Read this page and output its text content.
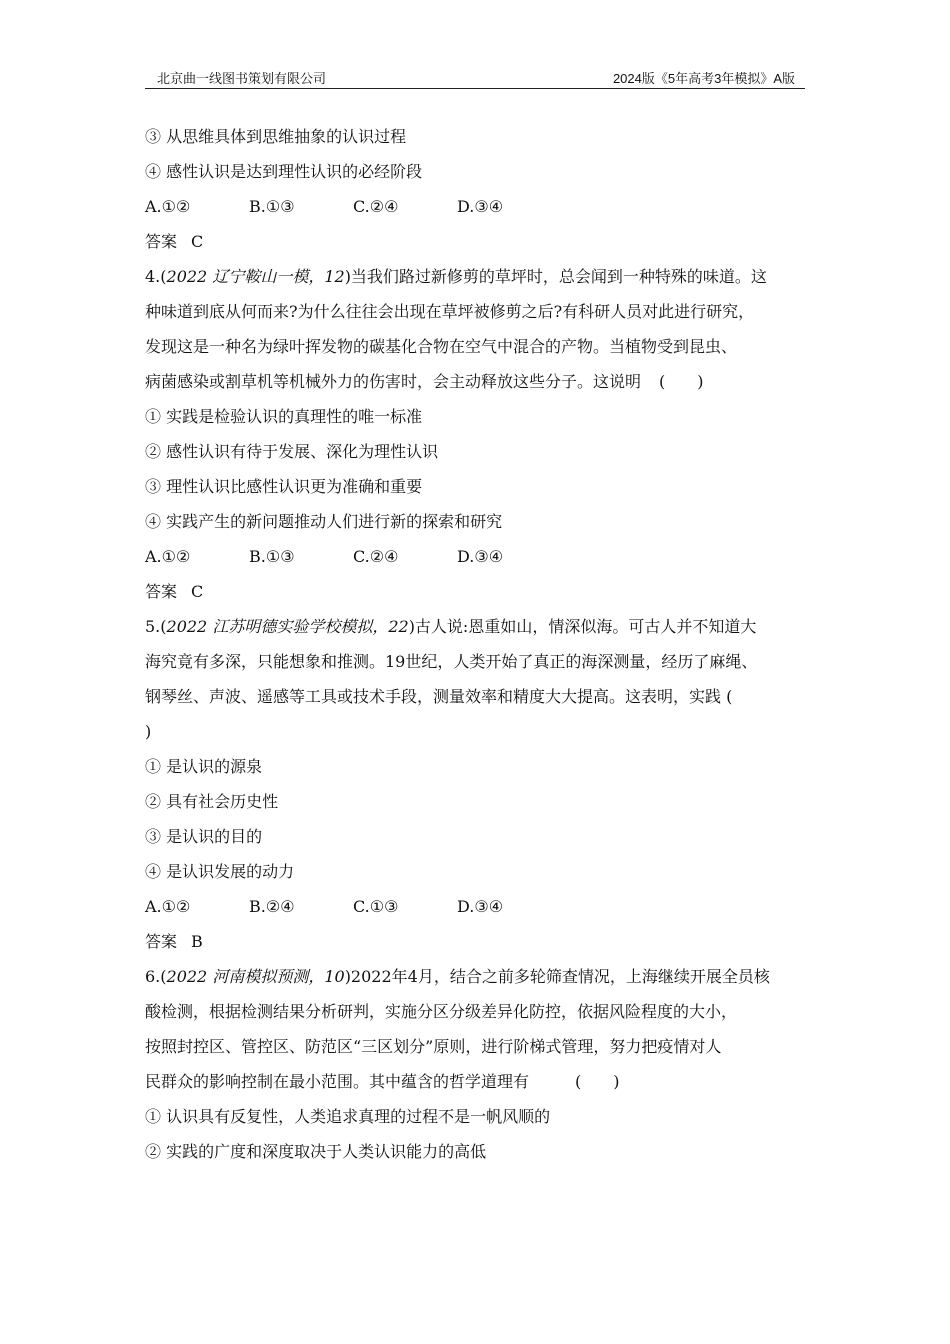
北京曲一线图书策划有限公司	2024版《5年高考3年模拟》A版
③ 从思维具体到思维抽象的认识过程
④ 感性认识是达到理性认识的必经阶段
A.①②	B.①③	C.②④	D.③④
答案 C
4.(2022 辽宁鞍山一模，12)当我们路过新修剪的草坪时，总会闻到一种特殊的味道。这
种味道到底从何而来?为什么往往会出现在草坪被修剪之后?有科研人员对此进行研究，
发现这是一种名为绿叶挥发物的碳基化合物在空气中混合的产物。当植物受到昆虫、
病菌感染或割草机等机械外力的伤害时，会主动释放这些分子。这说明 (　　)
① 实践是检验认识的真理性的唯一标准
② 感性认识有待于发展、深化为理性认识
③ 理性认识比感性认识更为准确和重要
④ 实践产生的新问题推动人们进行新的探索和研究
A.①②	B.①③	C.②④	D.③④
答案 C
5.(2022 江苏明德实验学校模拟，22)古人说:恩重如山，情深似海。可古人并不知道大
海究竟有多深，只能想象和推测。19世纪，人类开始了真正的海深测量，经历了麻绳、
钢琴丝、声波、遥感等工具或技术手段，测量效率和精度大大提高。这表明，实践 (
)
① 是认识的源泉
② 具有社会历史性
③ 是认识的目的
④ 是认识发展的动力
A.①②	B.②④	C.①③	D.③④
答案 B
6.(2022 河南模拟预测，10)2022年4月，结合之前多轮筛查情况，上海继续开展全员核
酸检测，根据检测结果分析研判，实施分区分级差异化防控，依据风险程度的大小，
按照封控区、管控区、防范区“三区划分”原则，进行阶梯式管理，努力把疫情对人
民群众的影响控制在最小范围。其中蕴含的哲学道理有	(　　)
① 认识具有反复性，人类追求真理的过程不是一帆风顺的
② 实践的广度和深度取决于人类认识能力的高低
